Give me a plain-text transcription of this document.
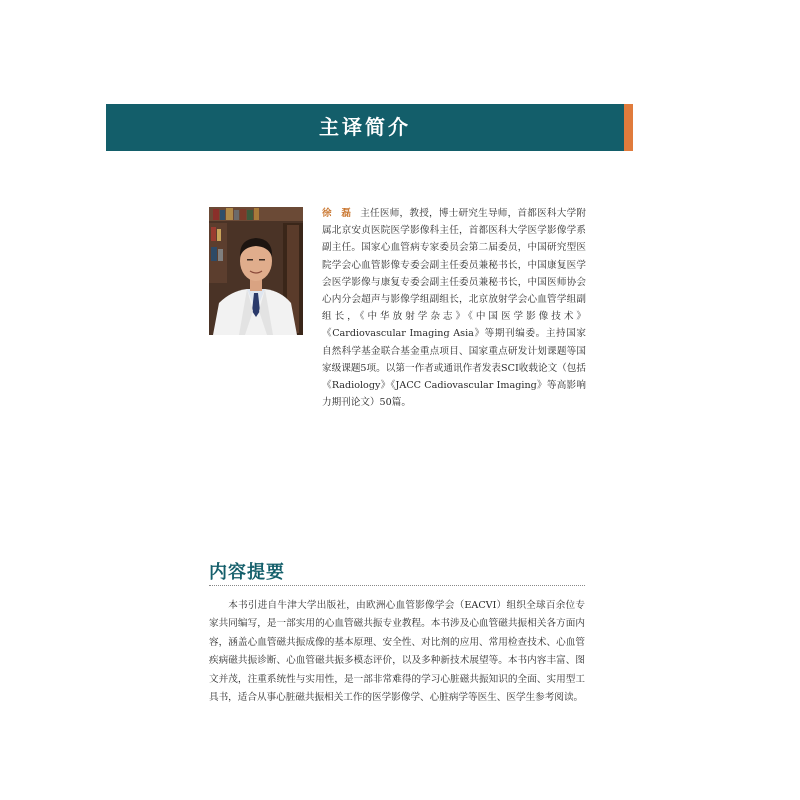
主译简介
徐 磊 主任医师，教授，博士研究生导师，首都医科大学附属北京安贞医院医学影像科主任，首都医科大学医学影像学系副主任。国家心血管病专家委员会第二届委员，中国研究型医院学会心血管影像专委会副主任委员兼秘书长，中国康复医学会医学影像与康复专委会副主任委员兼秘书长，中国医师协会心内分会超声与影像学组副组长，北京放射学会心血管学组副组长，《中华放射学杂志》《中国医学影像技术》《Cardiovascular Imaging Asia》等期刊编委。主持国家自然科学基金联合基金重点项目、国家重点研发计划课题等国家级课题5项。以第一作者或通讯作者发表SCI收载论文（包括《Radiology》《JACC Cadiovascular Imaging》等高影响力期刊论文）50篇。
内容提要
本书引进自牛津大学出版社，由欧洲心血管影像学会（EACVI）组织全球百余位专家共同编写，是一部实用的心血管磁共振专业教程。本书涉及心血管磁共振相关各方面内容，涵盖心血管磁共振成像的基本原理、安全性、对比剂的应用、常用检查技术、心血管疾病磁共振诊断、心血管磁共振多模态评价，以及多种新技术展望等。本书内容丰富、图文并茂，注重系统性与实用性，是一部非常难得的学习心脏磁共振知识的全面、实用型工具书，适合从事心脏磁共振相关工作的医学影像学、心脏病学等医生、医学生参考阅读。
